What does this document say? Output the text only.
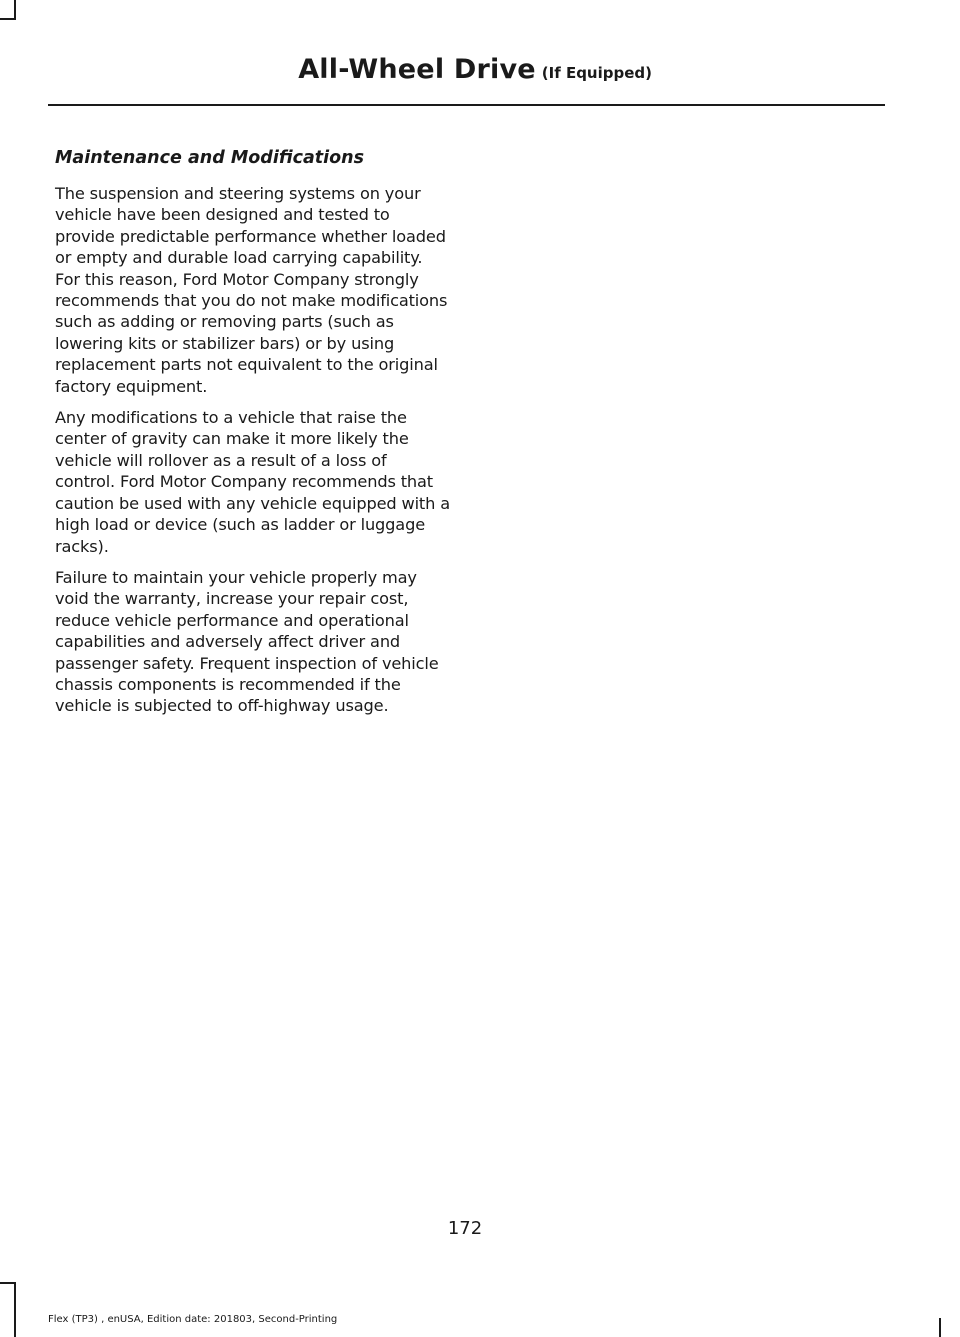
All-Wheel Drive (If Equipped)
Maintenance and Modifications

The suspension and steering systems on your vehicle have been designed and tested to provide predictable performance whether loaded or empty and durable load carrying capability. For this reason, Ford Motor Company strongly recommends that you do not make modifications such as adding or removing parts (such as lowering kits or stabilizer bars) or by using replacement parts not equivalent to the original factory equipment.

Any modifications to a vehicle that raise the center of gravity can make it more likely the vehicle will rollover as a result of a loss of control. Ford Motor Company recommends that caution be used with any vehicle equipped with a high load or device (such as ladder or luggage racks).

Failure to maintain your vehicle properly may void the warranty, increase your repair cost, reduce vehicle performance and operational capabilities and adversely affect driver and passenger safety. Frequent inspection of vehicle chassis components is recommended if the vehicle is subjected to off-highway usage.

172
Flex (TP3) , enUSA, Edition date: 201803, Second-Printing
